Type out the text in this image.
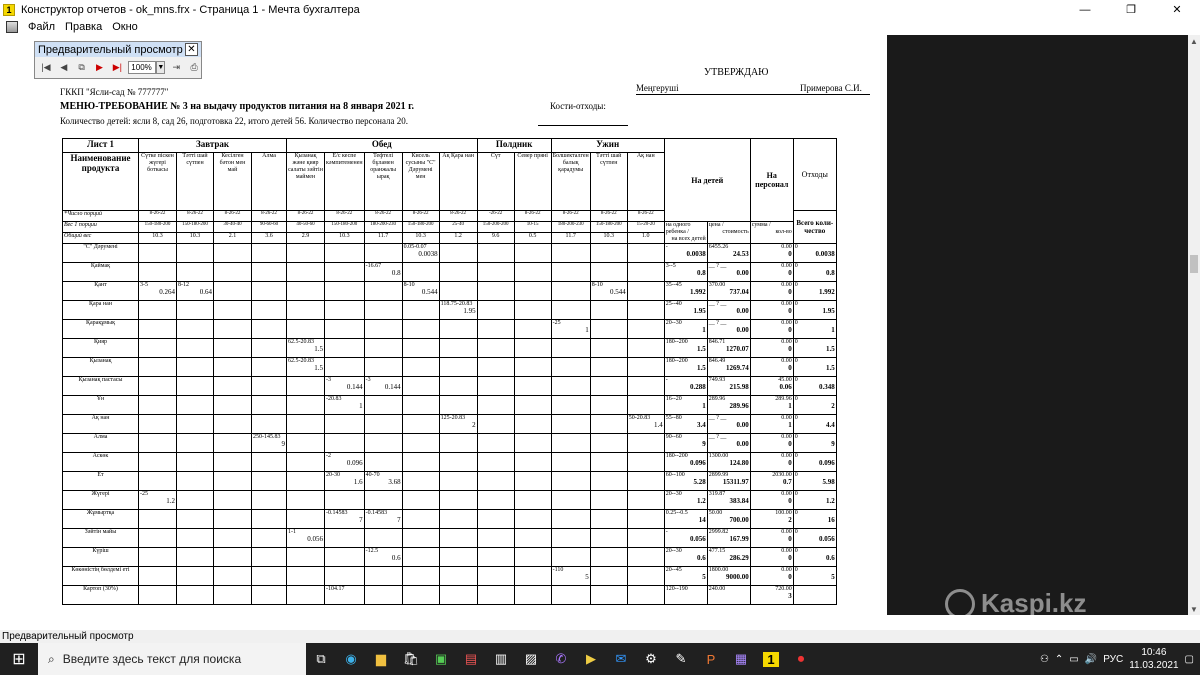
1 Конструктор отчетов - ok_mns.frx - Страница 1 - Мечта бухгалтера	—	❐	✕
Файл Правка Окно
УТВЕРЖДАЮ
Меңгеруші	Примерова С.И.
ГККП "Ясли-сад № 777777"
МЕНЮ-ТРЕБОВАНИЕ № 3 на выдачу продуктов питания на 8 января 2021 г.	Кости-отходы:
Количество детей: ясли 8, сад 26, подготовка 22, итого детей 56. Количество персонала 20.
Лист 1	Завтрак				Обед					Полдник		Ужин			На детей		На персонал	Отходы
Наименование продукта	Сүтке піскен жүгері боткасы	Тәтті шай сүтпен	Кесілген бәтон мен май	Алма	Қызанақ және қияр салаты зәйтін маймен	Е/с кеспе кәмпитеменен	Тефтелі бұламен оранжалы ырақ	Кисель сусыны "С" Дәрумені мен	Ақ Қара нан	Сүт	Север пряні	Болшекталген балық қарадумы	Тәтті шай сүтпен	Ақ нан				
*Число порций	8-26-22	8-26-22	8-26-22	8-26-22	8-26-22	8-26-22	8-26-22	8-26-22	8-26-22	-26-22	8-26-22	8-26-22	8-26-22	8-26-22				Всего коли-чество
Вес 1 порции	150-180-200	150-180-200	30-40-40	90-60-60	40-50-60	150-180-200	180-200-230	150-180-200	25-40	150-200-200	10-15	180-200-230	150-180-200	15-20-20	на одного ребенка /
на всех детей	цена /
стоимость	сумма /
кол-во	

Общий вес	10.3	10.3	2.1	3.6	2.9	10.3	11.7	10.3	1.2	9.6	0.5	11.7	10.3	1.0				
"С" Дәрумені								0.05-0.07
0.0038							-
0.0038	6455.26
24.53	0.00
0	0
0.0038

Қаймақ							-16.67
0.8								3--5
0.8	__ ? __
0.00	0.00
0	0
0.8

Қант	3-5
0.264	8-12
0.64						8-10
0.544					8-10
0.544		35--45
1.992	370.00
737.04	0.00
0	0
1.992

Қара нан									118.75-20.83
1.95						25--40
1.95	__ ? __
0.00	0.00
0	0
1.95

Қарақұмық												-25
1			20--30
1	__ ? __
0.00	0.00
0	0
1

Қияр					62.5-20.83
1.5										180--200
1.5	846.71
1270.07	0.00
0	0
1.5

Қызанақ					62.5-20.83
1.5										180--200
1.5	846.49
1269.74	0.00
0	0
1.5

Қызанақ пастасы						-3
0.144	-3
0.144								-
0.288	749.93
215.98	45.00
0.06	0
0.348

Ұн						-20.83
1									16--20
1	289.96
289.96	289.96
1	0
2

Ақ нан									125-20.83
2					50-20.83
1.4	55--80
3.4	__ ? __
0.00	0.00
1	0
4.4

Алма				250-145.83
9											90--60
9	__ ? __
0.00	0.00
0	0
9

Аскөк						-2
0.096									180--200
0.096	1300.00
124.80	0.00
0	0
0.096

Ет						20-30
1.6	40-70
3.68								60--100
5.28	2899.99
15311.97	2030.00
0.7	0
5.98

Жүгері	-25
1.2														20--30
1.2	319.87
383.84	0.00
0	0
1.2

Жұмыртқа						-0.14583
7	-0.14583
7								0.25--0.5
14	50.00
700.00	100.00
2	0
16

Зәйтін майы					1-1
0.056										-
0.056	2999.82
167.99	0.00
0	0
0.056

Күріш							-12.5
0.6								20--30
0.6	477.15
286.29	0.00
0	0
0.6

Көкөністің бөлдемі еті												-110
5			20--45
5	1800.00
9000.00	0.00
0	0
5

Картоп (30%)						-104.17									120--190	240.00	720.00
3	

Предварительный просмотр ✕
|◀	◀	⧉	▶	▶|	100% ▼ ⇥	⎙
▲
▼
Kaspi.kz
Предварительный просмотр
⊞	⌕ Введите здесь текст для поиска	⧉	◉	▆	🛍	▣	▤	▥	▨	✆	▶	✉	⚙	✎	P	▦	1	⏺	⚇ ⌃ ▭ 🔊 РУС
10:46
11.03.2021
▢
